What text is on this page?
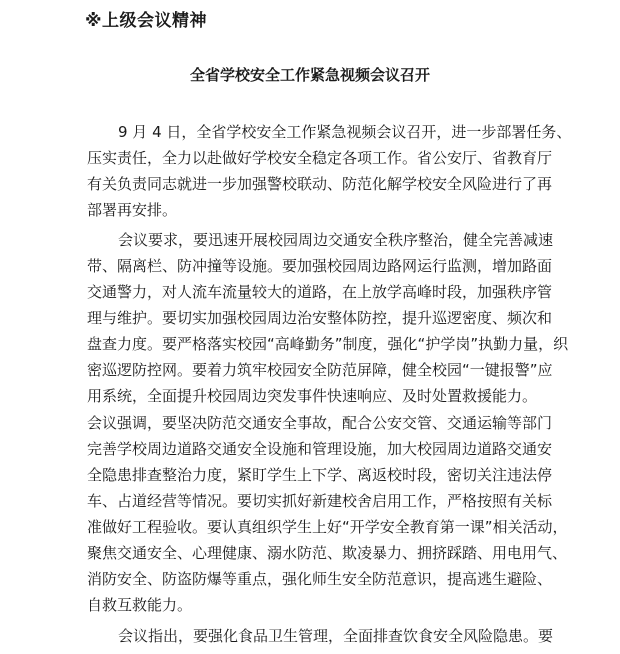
※上级会议精神
全省学校安全工作紧急视频会议召开
9 月 4 日，全省学校安全工作紧急视频会议召开，进一步部署任务、
压实责任，全力以赴做好学校安全稳定各项工作。省公安厅、省教育厅
有关负责同志就进一步加强警校联动、防范化解学校安全风险进行了再
部署再安排。
会议要求，要迅速开展校园周边交通安全秩序整治，健全完善减速
带、隔离栏、防冲撞等设施。要加强校园周边路网运行监测，增加路面
交通警力，对人流车流量较大的道路，在上放学高峰时段，加强秩序管
理与维护。要切实加强校园周边治安整体防控，提升巡逻密度、频次和
盘查力度。要严格落实校园“高峰勤务”制度，强化“护学岗”执勤力量，织
密巡逻防控网。要着力筑牢校园安全防范屏障，健全校园“一键报警”应
用系统，全面提升校园周边突发事件快速响应、及时处置救援能力。
会议强调，要坚决防范交通安全事故，配合公安交管、交通运输等部门
完善学校周边道路交通安全设施和管理设施，加大校园周边道路交通安
全隐患排查整治力度，紧盯学生上下学、离返校时段，密切关注违法停
车、占道经营等情况。要切实抓好新建校舍启用工作，严格按照有关标
准做好工程验收。要认真组织学生上好“开学安全教育第一课”相关活动，
聚焦交通安全、心理健康、溺水防范、欺凌暴力、拥挤踩踏、用电用气、
消防安全、防盗防爆等重点，强化师生安全防范意识，提高逃生避险、
自救互救能力。
会议指出，要强化食品卫生管理，全面排查饮食安全风险隐患。要
